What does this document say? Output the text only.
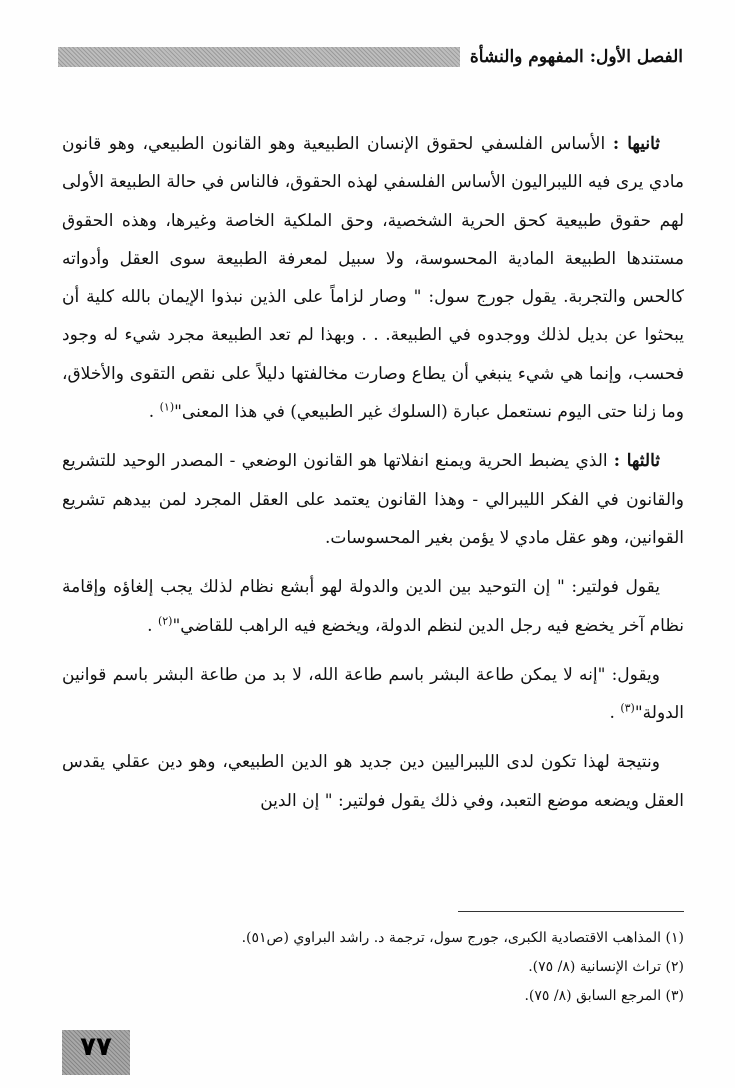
الفصل الأول: المفهوم والنشأة

ثانيها : الأساس الفلسفي لحقوق الإنسان الطبيعية وهو القانون الطبيعي، وهو قانون مادي يرى فيه الليبراليون الأساس الفلسفي لهذه الحقوق، فالناس في حالة الطبيعة الأولى لهم حقوق طبيعية كحق الحرية الشخصية، وحق الملكية الخاصة وغيرها، وهذه الحقوق مستندها الطبيعة المادية المحسوسة، ولا سبيل لمعرفة الطبيعة سوى العقل وأدواته كالحس والتجربة. يقول جورج سول: " وصار لزاماً على الذين نبذوا الإيمان بالله كلية أن يبحثوا عن بديل لذلك ووجدوه في الطبيعة. . . وبهذا لم تعد الطبيعة مجرد شيء له وجود فحسب، وإنما هي شيء ينبغي أن يطاع وصارت مخالفتها دليلاً على نقص التقوى والأخلاق، وما زلنا حتى اليوم نستعمل عبارة (السلوك غير الطبيعي) في هذا المعنى"$^{(١)}$ .

ثالثها : الذي يضبط الحرية ويمنع انفلاتها هو القانون الوضعي - المصدر الوحيد للتشريع والقانون في الفكر الليبرالي - وهذا القانون يعتمد على العقل المجرد لمن بيدهم تشريع القوانين، وهو عقل مادي لا يؤمن بغير المحسوسات.

يقول فولتير: " إن التوحيد بين الدين والدولة لهو أبشع نظام لذلك يجب إلغاؤه وإقامة نظام آخر يخضع فيه رجل الدين لنظم الدولة، ويخضع فيه الراهب للقاضي"$^{(٢)}$ .

ويقول: "إنه لا يمكن طاعة البشر باسم طاعة الله، لا بد من طاعة البشر باسم قوانين الدولة"$^{(٣)}$ .

ونتيجة لهذا تكون لدى الليبراليين دين جديد هو الدين الطبيعي، وهو دين عقلي يقدس العقل ويضعه موضع التعبد، وفي ذلك يقول فولتير: " إن الدين

(١) المذاهب الاقتصادية الكبرى، جورج سول، ترجمة د. راشد البراوي (ص٥١).
(٢) تراث الإنسانية (٨/ ٧٥).
(٣) المرجع السابق (٨/ ٧٥).
٧٧
